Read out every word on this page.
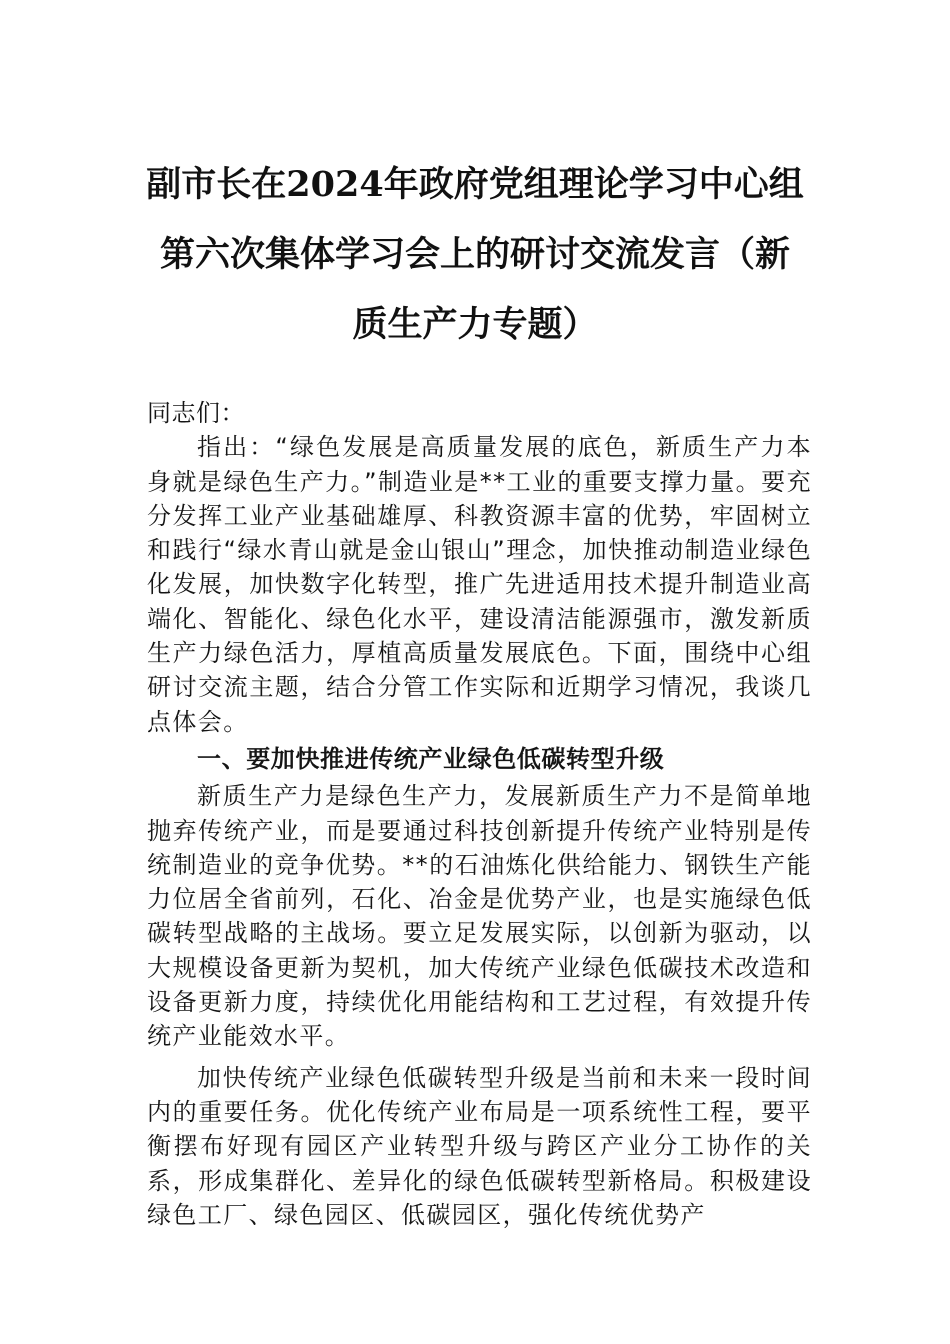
副市长在2024年政府党组理论学习中心组
第六次集体学习会上的研讨交流发言（新
质生产力专题）

同志们：

指出：“绿色发展是高质量发展的底色，新质生产力本身就是绿色生产力。”制造业是**工业的重要支撑力量。要充分发挥工业产业基础雄厚、科教资源丰富的优势，牢固树立和践行“绿水青山就是金山银山”理念，加快推动制造业绿色化发展，加快数字化转型，推广先进适用技术提升制造业高端化、智能化、绿色化水平，建设清洁能源强市，激发新质生产力绿色活力，厚植高质量发展底色。下面，围绕中心组研讨交流主题，结合分管工作实际和近期学习情况，我谈几点体会。

一、要加快推进传统产业绿色低碳转型升级

新质生产力是绿色生产力，发展新质生产力不是简单地抛弃传统产业，而是要通过科技创新提升传统产业特别是传统制造业的竞争优势。**的石油炼化供给能力、钢铁生产能力位居全省前列，石化、冶金是优势产业，也是实施绿色低碳转型战略的主战场。要立足发展实际，以创新为驱动，以大规模设备更新为契机，加大传统产业绿色低碳技术改造和设备更新力度，持续优化用能结构和工艺过程，有效提升传统产业能效水平。

加快传统产业绿色低碳转型升级是当前和未来一段时间内的重要任务。优化传统产业布局是一项系统性工程，要平衡摆布好现有园区产业转型升级与跨区产业分工协作的关系，形成集群化、差异化的绿色低碳转型新格局。积极建设绿色工厂、绿色园区、低碳园区，强化传统优势产
